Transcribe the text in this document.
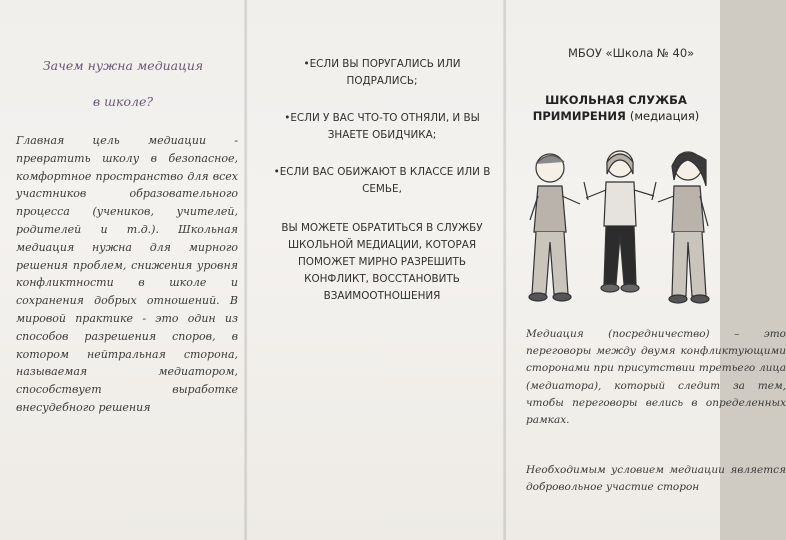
Зачем нужна медиация
в школе?
Главная цель медиации - превратить школу в безопасное, комфортное пространство для всех участников образовательного процесса (учеников, учителей, родителей и т.д.). Школьная медиация нужна для мирного решения проблем, снижения уровня конфликтности в школе и сохранения добрых отношений. В мировой практике - это один из способов разрешения споров, в котором нейтральная сторона, называемая медиатором, способствует выработке внесудебного решения
•ЕСЛИ ВЫ ПОРУГАЛИСЬ ИЛИ ПОДРАЛИСЬ;
•ЕСЛИ У ВАС ЧТО-ТО ОТНЯЛИ, И ВЫ ЗНАЕТЕ ОБИДЧИКА;
•ЕСЛИ ВАС ОБИЖАЮТ В КЛАССЕ ИЛИ В СЕМЬЕ,
ВЫ МОЖЕТЕ ОБРАТИТЬСЯ В СЛУЖБУ ШКОЛЬНОЙ МЕДИАЦИИ, КОТОРАЯ ПОМОЖЕТ МИРНО РАЗРЕШИТЬ КОНФЛИКТ, ВОССТАНОВИТЬ ВЗАИМООТНОШЕНИЯ
МБОУ «Школа № 40»
ШКОЛЬНАЯ СЛУЖБА
ПРИМИРЕНИЯ (медиация)
Медиация (посредничество) – это переговоры между двумя конфликтующими сторонами при присутствии третьего лица (медиатора), который следит за тем, чтобы переговоры велись в определенных рамках.
Необходимым условием медиации является добровольное участие сторон
